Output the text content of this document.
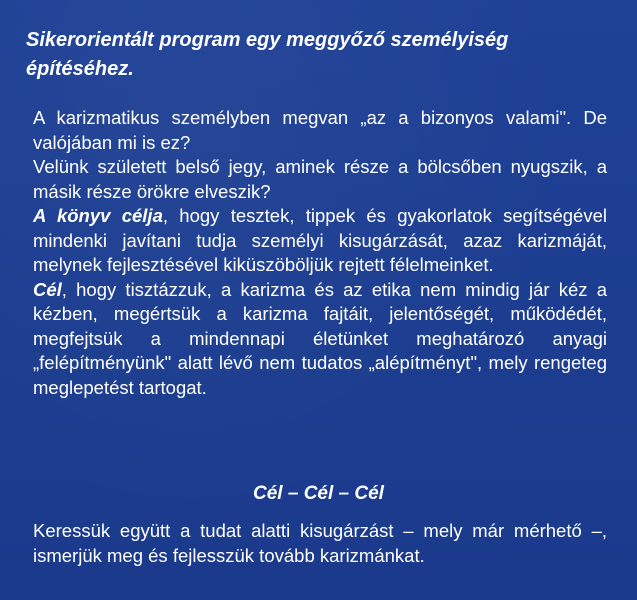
Sikerorientált program egy meggyőző személyiség
építéséhez.

A karizmatikus személyben megvan „az a bizonyos valami". De valójában mi is ez?

Velünk született belső jegy, aminek része a bölcsőben nyugszik, a másik része örökre elveszik?

A könyv célja, hogy tesztek, tippek és gyakorlatok segítségével mindenki javítani tudja személyi kisugárzását, azaz karizmáját, melynek fejlesztésével kiküszöböljük rejtett félelmeinket.

Cél, hogy tisztázzuk, a karizma és az etika nem mindig jár kéz a kézben, megértsük a karizma fajtáit, jelentőségét, működédét, megfejtsük a mindennapi életünket meghatározó anyagi „felépítményünk" alatt lévő nem tudatos „alépítményt", mely rengeteg meglepetést tartogat.

Cél – Cél – Cél

Keressük együtt a tudat alatti kisugárzást – mely már mérhető –, ismerjük meg és fejlesszük tovább karizmánkat.
